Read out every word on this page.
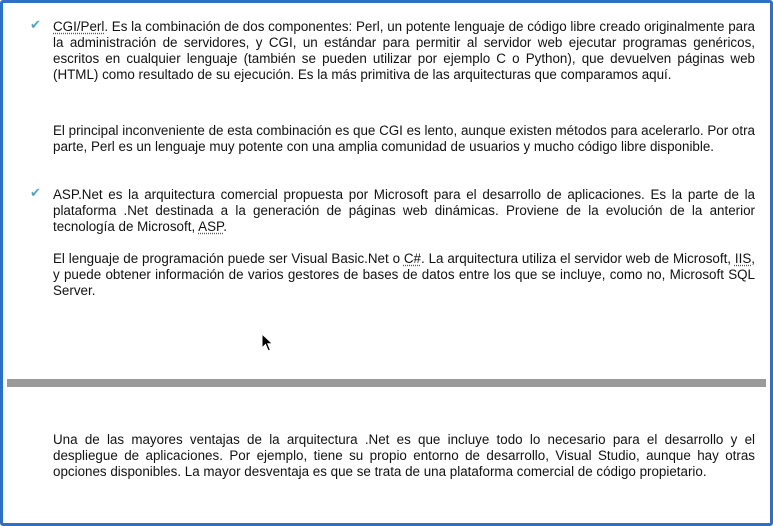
✔ CGI/Perl. Es la combinación de dos componentes: Perl, un potente lenguaje de código libre creado originalmente para la administración de servidores, y CGI, un estándar para permitir al servidor web ejecutar programas genéricos, escritos en cualquier lenguaje (también se pueden utilizar por ejemplo C o Python), que devuelven páginas web (HTML) como resultado de su ejecución. Es la más primitiva de las arquitecturas que comparamos aquí.

El principal inconveniente de esta combinación es que CGI es lento, aunque existen métodos para acelerarlo. Por otra parte, Perl es un lenguaje muy potente con una amplia comunidad de usuarios y mucho código libre disponible.

✔ ASP.Net es la arquitectura comercial propuesta por Microsoft para el desarrollo de aplicaciones. Es la parte de la plataforma .Net destinada a la generación de páginas web dinámicas. Proviene de la evolución de la anterior tecnología de Microsoft, ASP.

El lenguaje de programación puede ser Visual Basic.Net o C#. La arquitectura utiliza el servidor web de Microsoft, IIS, y puede obtener información de varios gestores de bases de datos entre los que se incluye, como no, Microsoft SQL Server.

Una de las mayores ventajas de la arquitectura .Net es que incluye todo lo necesario para el desarrollo y el despliegue de aplicaciones. Por ejemplo, tiene su propio entorno de desarrollo, Visual Studio, aunque hay otras opciones disponibles. La mayor desventaja es que se trata de una plataforma comercial de código propietario.
